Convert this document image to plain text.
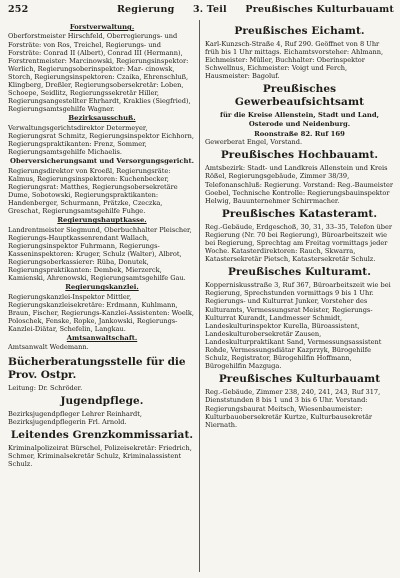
252	Regierung 3. Teil Preußisches Kulturbauamt
Forstverwaltung.

Oberforstmeister Hirschfeld, Oberregierungs- und Forsträte: von Ros, Treichel, Regierungs- und Forsträte: Conrad II (Albert), Conrad III (Hermann), Forstrentmeister: Marcinowski, Regierungsinspektor: Werlich, Regierungsoberinspektor: Mar- cinowsk, Storch, Regierungsinspektoren: Czaika, Ehrenschluß, Klingberg, Dreßler, Regierungsobersekretär: Loben, Schoepe, Seidlitz, Regierungssekretär Hiller, Regierungsangestellter Ehrhardt, Kraklies (Siegfried), Regierungsamtsgehilfe Wagner.

Bezirksausschuß.

Verwaltungsgerichtsdirektor Determeyer, Regierungsrat Schmitz, Regierungsinspektor Eichhorn, Regierungspraktikanten: Frenz, Sommer, Regierungsamtsgehilfe Michaelis.

Oberversicherungsamt und Versorgungsgericht.

Regierungsdirektor von Kroeßl, Regierungsräte: Kalmus, Regierungsinspektoren: Kuchenbecker, Regierungsrat: Matthes, Regierungsobersekretäre Dume, Sobotowski, Regierungspraktikanten: Handenberger, Schurmann, Prätzke, Czeczka, Greschat, Regierungsamtsgehilfe Fuhge.

Regierungshauptkasse.

Landrentmeister Siegmund, Oberbuchhalter Pleischer, Regierungs-Hauptkassenrendant Wallach, Regierungsinspektor Fuhrmann, Regierungs-Kasseninspektoren: Kruger, Schulz (Walter), Albrot, Regierungsoberkassierer: Rüba, Donutek, Regierungspraktikanten: Dembek, Mierzerck, Kamienski, Ahrenowski, Regierungsamtsgehilfe Gau.

Regierungskanzlei.

Regierungskanzlei-Inspektor Mittler, Regierungskanzleisekretäre: Erdmann, Kuhlmann, Braun, Fischer, Regierungs-Kanzlei-Assistenten: Woelk, Poloschek, Fenske, Ropke, Jankowski, Regierungs-Kanzlei-Diätar, Schefelin, Langkau.

Amtsanwaltschaft.

Amtsanwalt Wedemann.

Bücherberatungsstelle für die Prov. Ostpr.

Leitung: Dr. Schröder.

Jugendpflege.

Bezirksjugendpfleger Lehrer Reinhardt, Bezirksjugendpflegerin Frl. Arnold.

Leitendes Grenzkommissariat.

Kriminalpolizeirat Bürschel, Polizeisekretär: Friedrich, Schmer, Kriminalsekretär Schulz, Kriminalassistent Schulz.

Preußisches Eichamt.

Karl-Kunzsch-Straße 4, Ruf 290. Geöffnet von 8 Uhr früh bis 1 Uhr mittags. Eichamtsvorsteher: Ahlmann, Eichmeister: Müller, Buchhalter: Oberinspektor Schwellnus, Eichmeister: Voigt und Ferch, Hausmeister: Bagoluf.

Preußisches Gewerbeaufsichtsamt

für die Kreise Allenstein, Stadt und Land, Osterode und Neidenburg.

Roonstraße 82. Ruf 169

Gewerberat Engel, Vorstand.

Preußisches Hochbauamt.

Amtsbezirk: Stadt- und Landkreis Allenstein und Kreis Rößel, Regierungsgebäude, Zimmer 38/39, Telefonanschluß: Regierung. Vorstand: Reg.-Baumeister Goebel, Technische Kontrolle: Regierungsbauinspektor Helwig, Bauunternehmer Schirrmacher.

Preußisches Katasteramt.

Reg.-Gebäude, Erdgeschoß, 30, 31, 33–35, Telefon über Regierung (Nr. 70 bei Regierung), Büroarbeitszeit wie bei Regierung, Sprechtag am Freitag vormittags jeder Woche. Katasterdirektoren: Rauch, Skwarra, Katastersekretär Pietsch, Katastersekretär Schulz.

Preußisches Kulturamt.

Kopperniskusstraße 3, Ruf 367, Büroarbeitszeit wie bei Regierung, Sprechstunden vormittags 9 bis 1 Uhr. Regierungs- und Kulturrat Junker, Vorsteher des Kulturamts, Vermessungsrat Meister, Regierungs-Kulturrat Kurandt, Landmesser Schmidt, Landeskulturinspektor Kurella, Büroassistent, Landeskulturobersekretär Zausen, Landeskulturpraktikant Sand, Vermessungsassistent Rohde, Vermessungsdiätar Kazprzyk, Bürogehilfe Schulz, Registrator, Bürogehilfin Hoffmann, Bürogehilfin Mazguga.

Preußisches Kulturbauamt

Reg.-Gebäude, Zimmer 238, 240, 241, 243, Ruf 317, Dienststunden 8 bis 1 und 3 bis 6 Uhr. Vorstand: Regierungsbaurat Meitsch, Wiesenbaumeister: Kulturbauobersekretär Kurtze, Kulturbausekretär Niernath.
